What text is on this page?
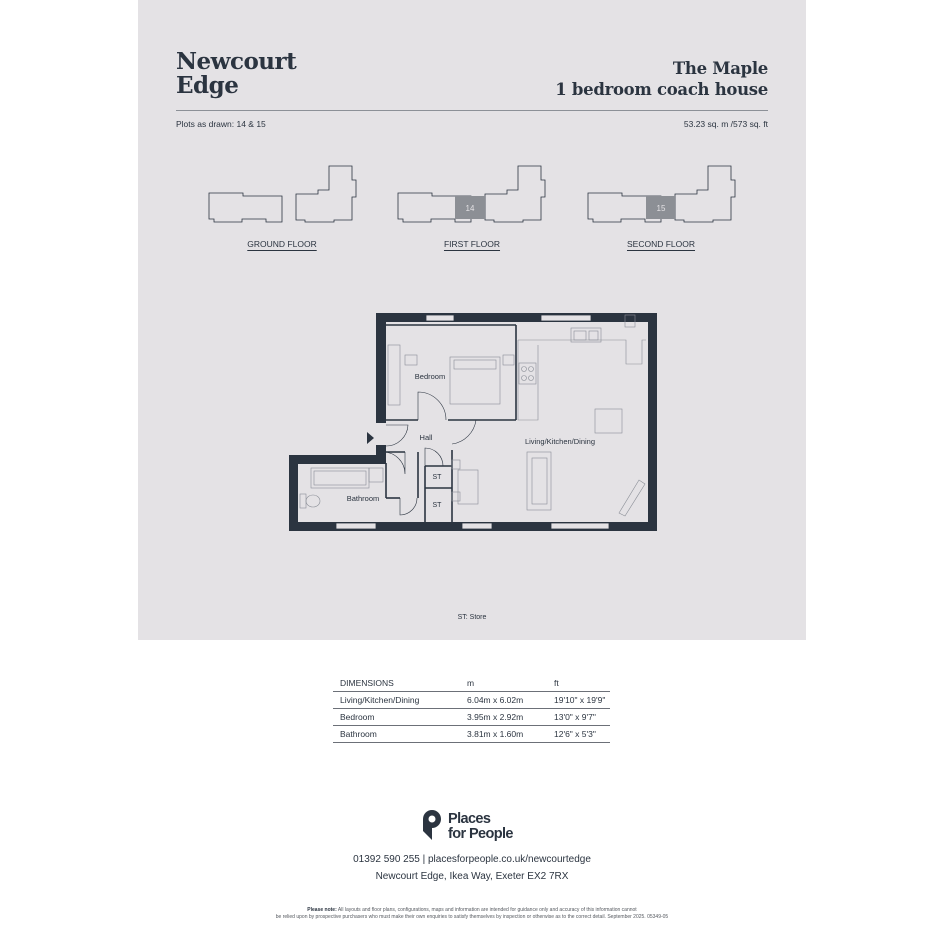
Newcourt
Edge
The Maple
1 bedroom coach house
Plots as drawn: 14 & 15	53.23 sq. m /573 sq. ft
14	15
GROUND FLOOR	FIRST FLOOR	SECOND FLOOR
Bedroom
Hall	Living/Kitchen/Dining
Bathroom
ST
ST
ST: Store
DIMENSIONS	m	ft
Living/Kitchen/Dining	6.04m x 6.02m	19'10" x 19'9"
Bedroom	3.95m x 2.92m	13'0" x 9'7"
Bathroom	3.81m x 1.60m	12'6" x 5'3"
Places
for People
01392 590 255 | placesforpeople.co.uk/newcourtedge
Newcourt Edge, Ikea Way, Exeter EX2 7RX
Please note: All layouts and floor plans, configurations, maps and information are intended for guidance only and accuracy of this information cannot
be relied upon by prospective purchasers who must make their own enquiries to satisfy themselves by inspection or otherwise as to the correct detail. September 2025. 05349-05
